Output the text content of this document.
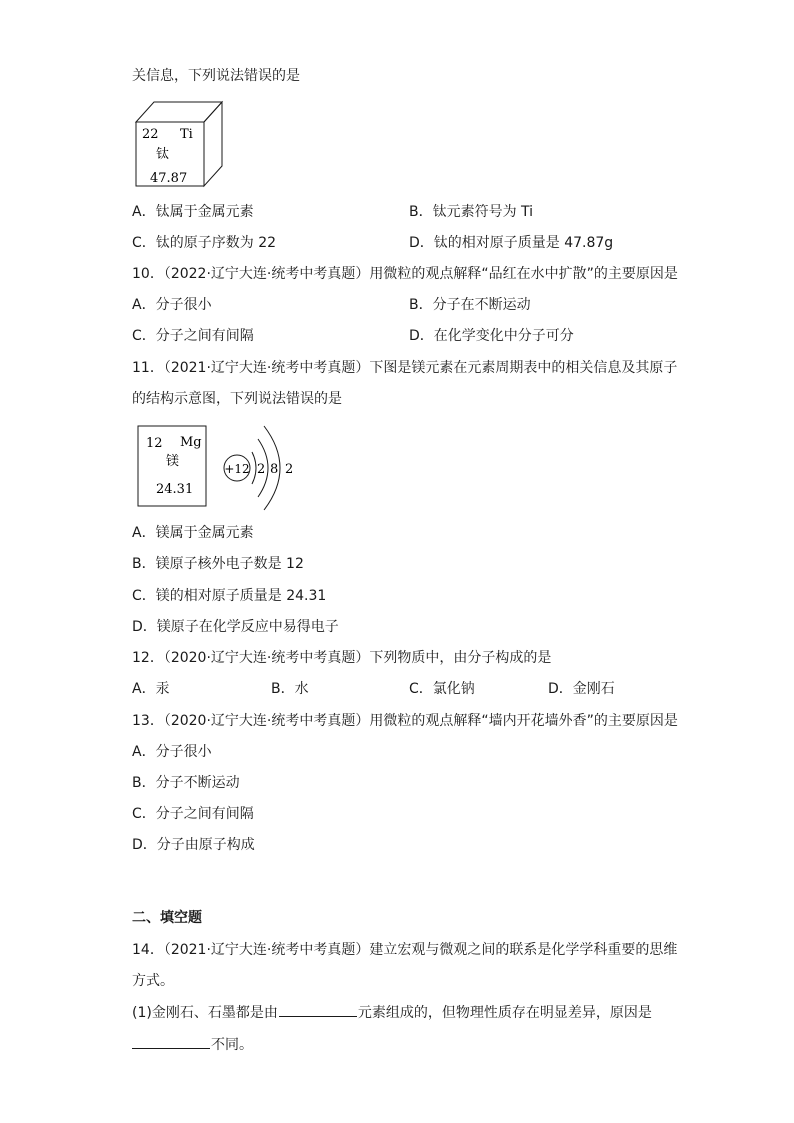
关信息，下列说法错误的是
22 Ti
钛
47.87
A．钛属于金属元素	B．钛元素符号为 Ti
C．钛的原子序数为 22	D．钛的相对原子质量是 47.87g
10．（2022·辽宁大连·统考中考真题）用微粒的观点解释“品红在水中扩散”的主要原因是
A．分子很小	B．分子在不断运动
C．分子之间有间隔	D．在化学变化中分子可分
11．（2021·辽宁大连·统考中考真题）下图是镁元素在元素周期表中的相关信息及其原子
的结构示意图，下列说法错误的是
12 Mg
镁
24.31
+12 2 8 2
A．镁属于金属元素
B．镁原子核外电子数是 12
C．镁的相对原子质量是 24.31
D．镁原子在化学反应中易得电子
12．（2020·辽宁大连·统考中考真题）下列物质中，由分子构成的是
A．汞	B．水	C．氯化钠	D．金刚石
13．（2020·辽宁大连·统考中考真题）用微粒的观点解释“墙内开花墙外香”的主要原因是
A．分子很小
B．分子不断运动
C．分子之间有间隔
D．分子由原子构成
二、填空题
14．（2021·辽宁大连·统考中考真题）建立宏观与微观之间的联系是化学学科重要的思维
方式。
(1)金刚石、石墨都是由	元素组成的，但物理性质存在明显差异，原因是
不同。
